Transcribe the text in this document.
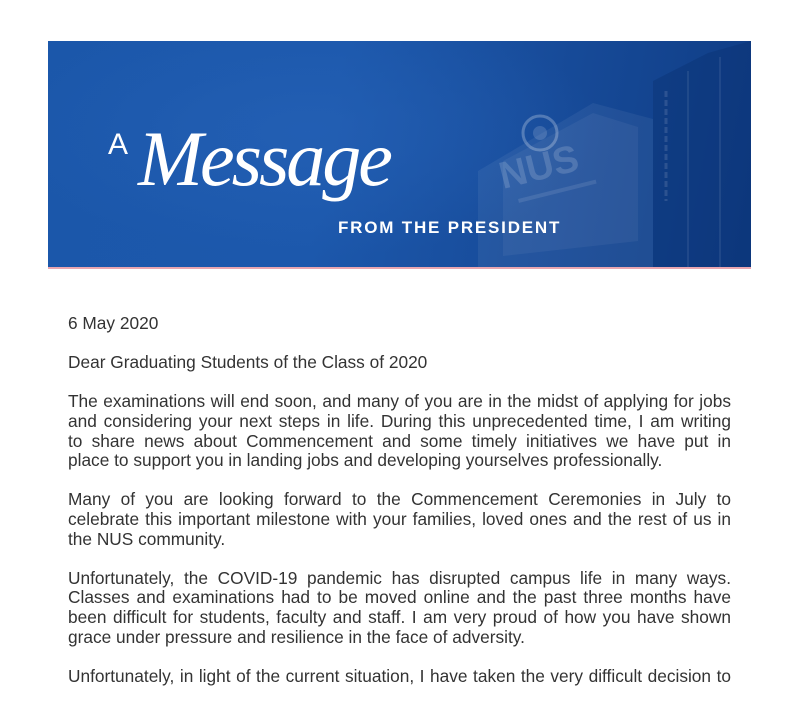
NUS
A Message
FROM THE PRESIDENT
6 May 2020
Dear Graduating Students of the Class of 2020
The examinations will end soon, and many of you are in the midst of applying for jobs
and considering your next steps in life. During this unprecedented time, I am writing
to share news about Commencement and some timely initiatives we have put in
place to support you in landing jobs and developing yourselves professionally.
Many of you are looking forward to the Commencement Ceremonies in July to
celebrate this important milestone with your families, loved ones and the rest of us in
the NUS community.
Unfortunately, the COVID-19 pandemic has disrupted campus life in many ways.
Classes and examinations had to be moved online and the past three months have
been difficult for students, faculty and staff. I am very proud of how you have shown
grace under pressure and resilience in the face of adversity.
Unfortunately, in light of the current situation, I have taken the very difficult decision to
